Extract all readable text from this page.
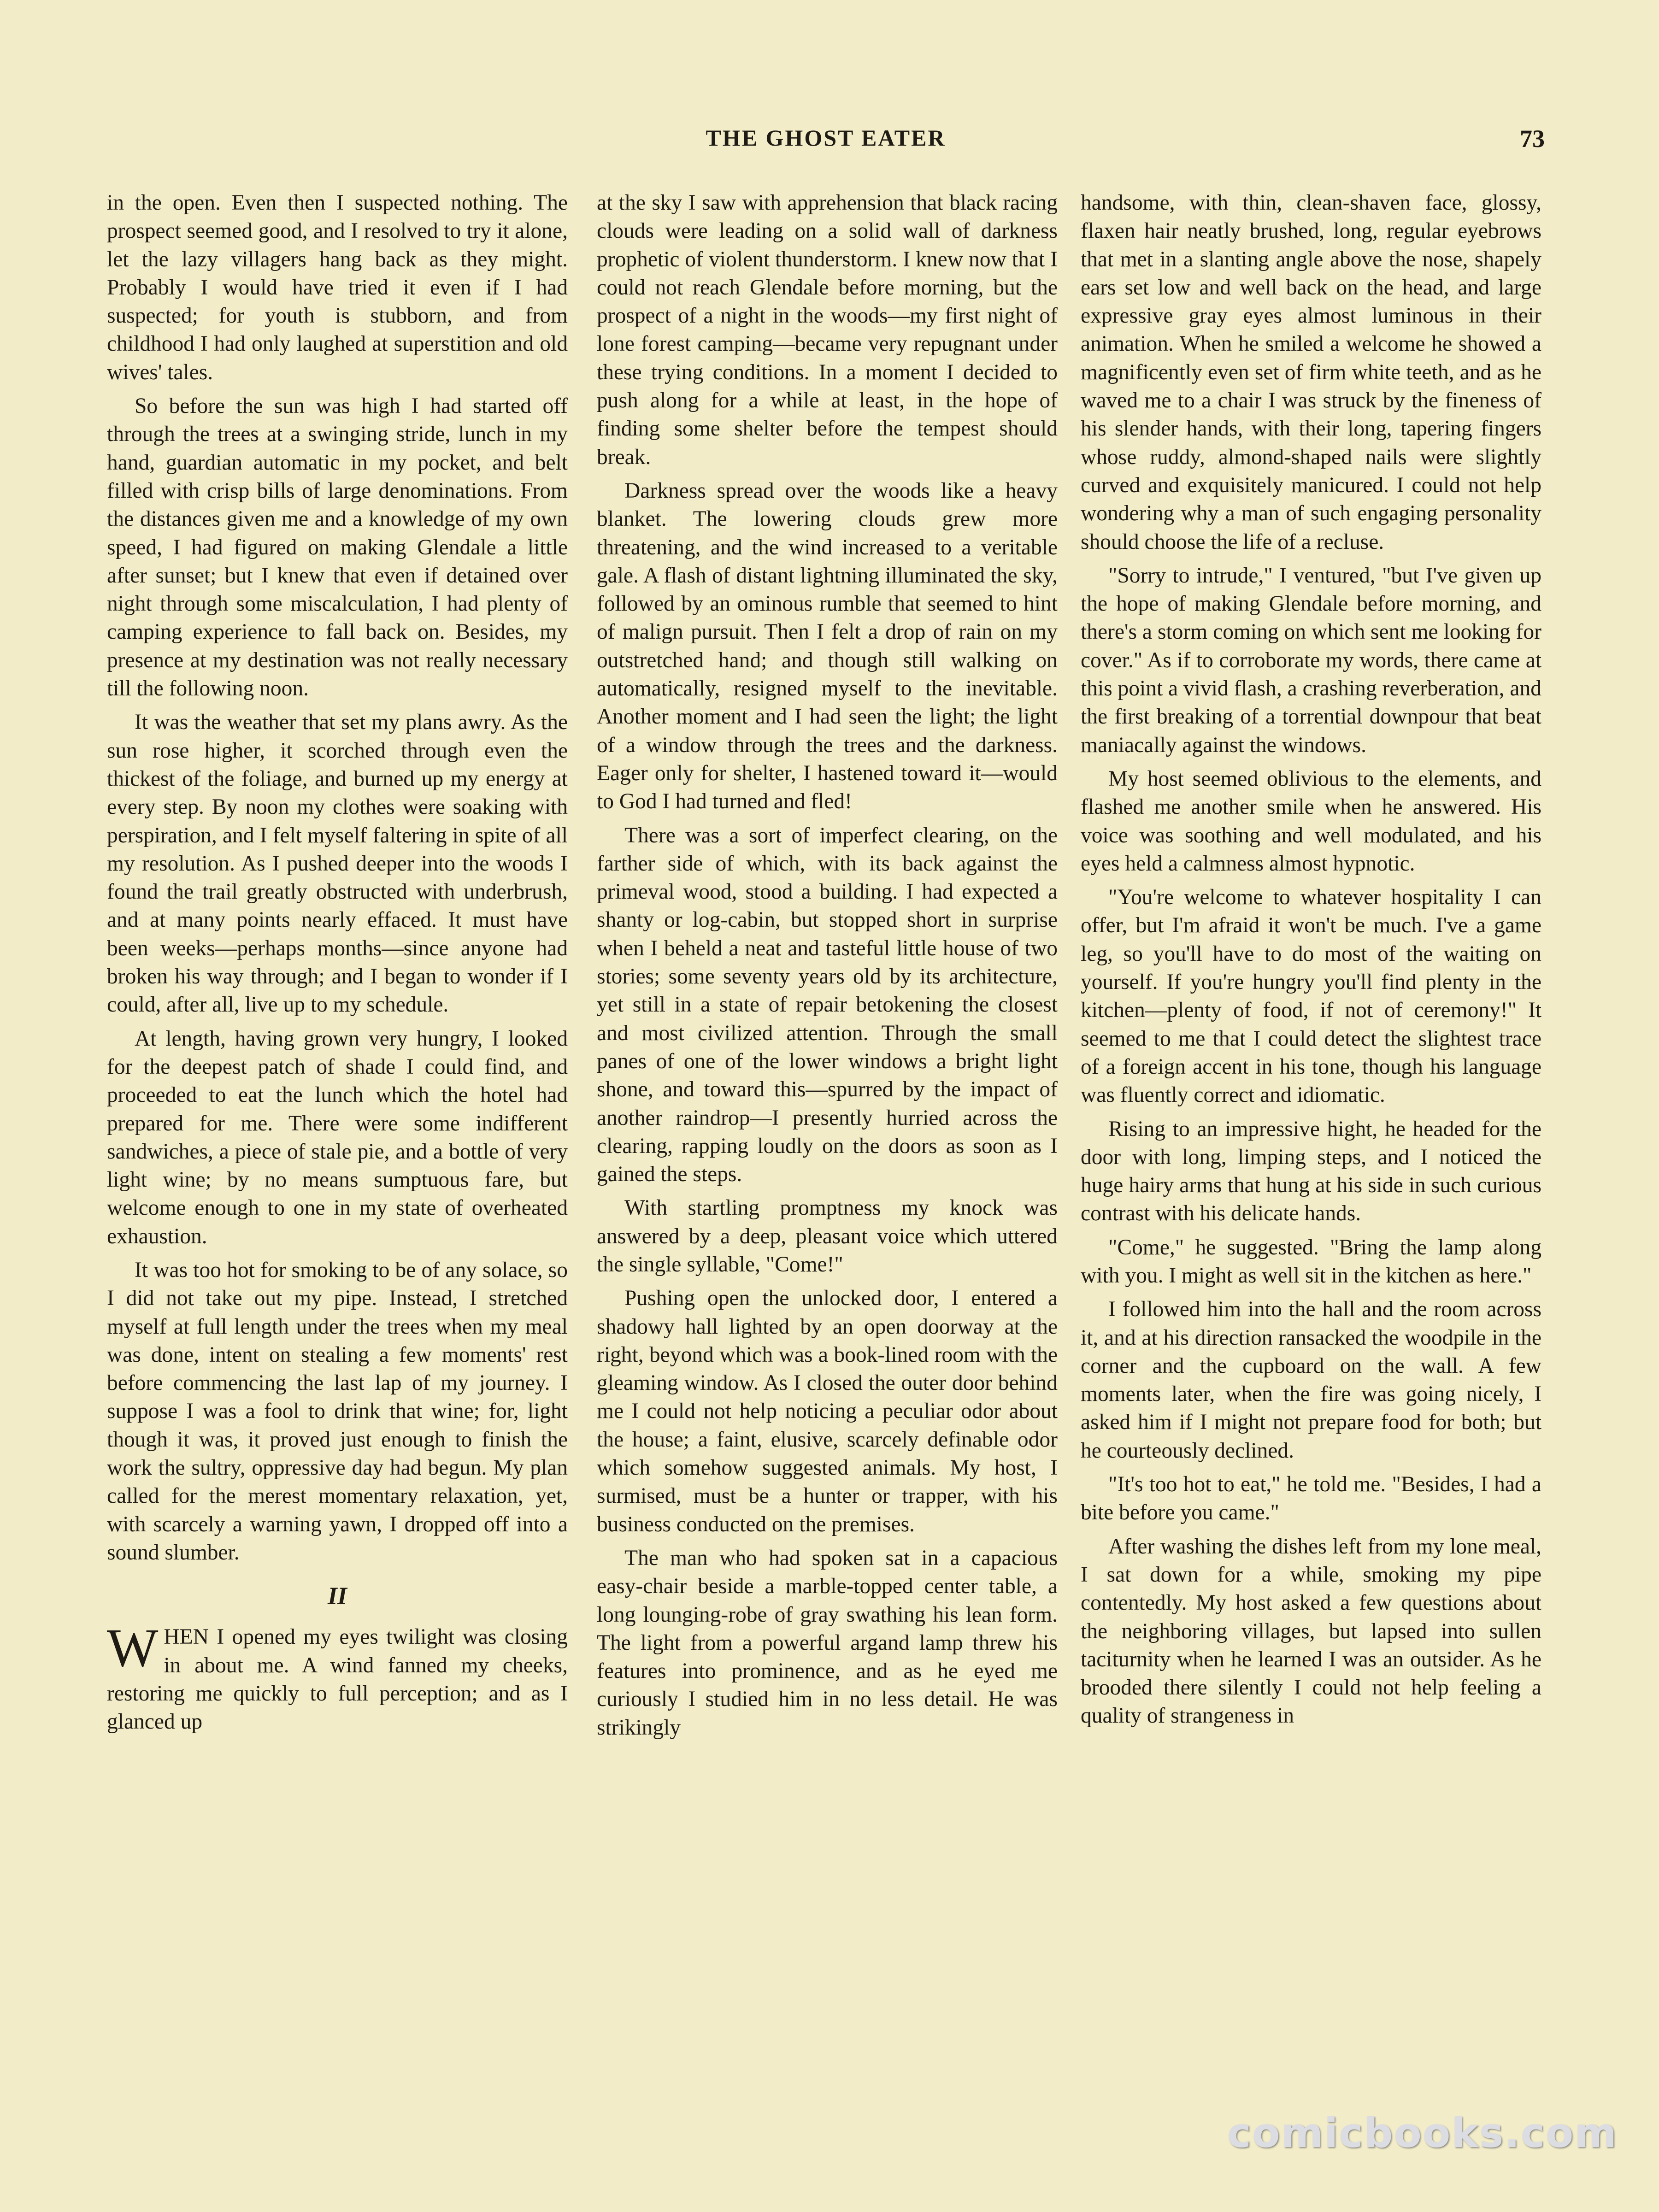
THE GHOST EATER	73

in the open. Even then I suspected nothing. The prospect seemed good, and I resolved to try it alone, let the lazy villagers hang back as they might. Probably I would have tried it even if I had suspected; for youth is stubborn, and from childhood I had only laughed at superstition and old wives' tales.

So before the sun was high I had started off through the trees at a swinging stride, lunch in my hand, guardian automatic in my pocket, and belt filled with crisp bills of large denominations. From the distances given me and a knowledge of my own speed, I had figured on making Glendale a little after sunset; but I knew that even if detained over night through some miscalculation, I had plenty of camping experience to fall back on. Besides, my presence at my destination was not really necessary till the following noon.

It was the weather that set my plans awry. As the sun rose higher, it scorched through even the thickest of the foliage, and burned up my energy at every step. By noon my clothes were soaking with perspiration, and I felt myself faltering in spite of all my resolution. As I pushed deeper into the woods I found the trail greatly obstructed with underbrush, and at many points nearly effaced. It must have been weeks—perhaps months—since anyone had broken his way through; and I began to wonder if I could, after all, live up to my schedule.

At length, having grown very hungry, I looked for the deepest patch of shade I could find, and proceeded to eat the lunch which the hotel had prepared for me. There were some indifferent sandwiches, a piece of stale pie, and a bottle of very light wine; by no means sumptuous fare, but welcome enough to one in my state of overheated exhaustion.

It was too hot for smoking to be of any solace, so I did not take out my pipe. Instead, I stretched myself at full length under the trees when my meal was done, intent on stealing a few moments' rest before commencing the last lap of my journey. I suppose I was a fool to drink that wine; for, light though it was, it proved just enough to finish the work the sultry, oppressive day had begun. My plan called for the merest momentary relaxation, yet, with scarcely a warning yawn, I dropped off into a sound slumber.

II

WHEN I opened my eyes twilight was closing in about me. A wind fanned my cheeks, restoring me quickly to full perception; and as I glanced up

at the sky I saw with apprehension that black racing clouds were leading on a solid wall of darkness prophetic of violent thunderstorm. I knew now that I could not reach Glendale before morning, but the prospect of a night in the woods—my first night of lone forest camping—became very repugnant under these trying conditions. In a moment I decided to push along for a while at least, in the hope of finding some shelter before the tempest should break.

Darkness spread over the woods like a heavy blanket. The lowering clouds grew more threatening, and the wind increased to a veritable gale. A flash of distant lightning illuminated the sky, followed by an ominous rumble that seemed to hint of malign pursuit. Then I felt a drop of rain on my outstretched hand; and though still walking on automatically, resigned myself to the inevitable. Another moment and I had seen the light; the light of a window through the trees and the darkness. Eager only for shelter, I hastened toward it—would to God I had turned and fled!

There was a sort of imperfect clearing, on the farther side of which, with its back against the primeval wood, stood a building. I had expected a shanty or log-cabin, but stopped short in surprise when I beheld a neat and tasteful little house of two stories; some seventy years old by its architecture, yet still in a state of repair betokening the closest and most civilized attention. Through the small panes of one of the lower windows a bright light shone, and toward this—spurred by the impact of another raindrop—I presently hurried across the clearing, rapping loudly on the doors as soon as I gained the steps.

With startling promptness my knock was answered by a deep, pleasant voice which uttered the single syllable, "Come!"

Pushing open the unlocked door, I entered a shadowy hall lighted by an open doorway at the right, beyond which was a book-lined room with the gleaming window. As I closed the outer door behind me I could not help noticing a peculiar odor about the house; a faint, elusive, scarcely definable odor which somehow suggested animals. My host, I surmised, must be a hunter or trapper, with his business conducted on the premises.

The man who had spoken sat in a capacious easy-chair beside a marble-topped center table, a long lounging-robe of gray swathing his lean form. The light from a powerful argand lamp threw his features into prominence, and as he eyed me curiously I studied him in no less detail. He was strikingly

handsome, with thin, clean-shaven face, glossy, flaxen hair neatly brushed, long, regular eyebrows that met in a slanting angle above the nose, shapely ears set low and well back on the head, and large expressive gray eyes almost luminous in their animation. When he smiled a welcome he showed a magnificently even set of firm white teeth, and as he waved me to a chair I was struck by the fineness of his slender hands, with their long, tapering fingers whose ruddy, almond-shaped nails were slightly curved and exquisitely manicured. I could not help wondering why a man of such engaging personality should choose the life of a recluse.

"Sorry to intrude," I ventured, "but I've given up the hope of making Glendale before morning, and there's a storm coming on which sent me looking for cover." As if to corroborate my words, there came at this point a vivid flash, a crashing reverberation, and the first breaking of a torrential downpour that beat maniacally against the windows.

My host seemed oblivious to the elements, and flashed me another smile when he answered. His voice was soothing and well modulated, and his eyes held a calmness almost hypnotic.

"You're welcome to whatever hospitality I can offer, but I'm afraid it won't be much. I've a game leg, so you'll have to do most of the waiting on yourself. If you're hungry you'll find plenty in the kitchen—plenty of food, if not of ceremony!" It seemed to me that I could detect the slightest trace of a foreign accent in his tone, though his language was fluently correct and idiomatic.

Rising to an impressive hight, he headed for the door with long, limping steps, and I noticed the huge hairy arms that hung at his side in such curious contrast with his delicate hands.

"Come," he suggested. "Bring the lamp along with you. I might as well sit in the kitchen as here."

I followed him into the hall and the room across it, and at his direction ransacked the woodpile in the corner and the cupboard on the wall. A few moments later, when the fire was going nicely, I asked him if I might not prepare food for both; but he courteously declined.

"It's too hot to eat," he told me. "Besides, I had a bite before you came."

After washing the dishes left from my lone meal, I sat down for a while, smoking my pipe contentedly. My host asked a few questions about the neighboring villages, but lapsed into sullen taciturnity when he learned I was an outsider. As he brooded there silently I could not help feeling a quality of strangeness in

comicbooks.com
